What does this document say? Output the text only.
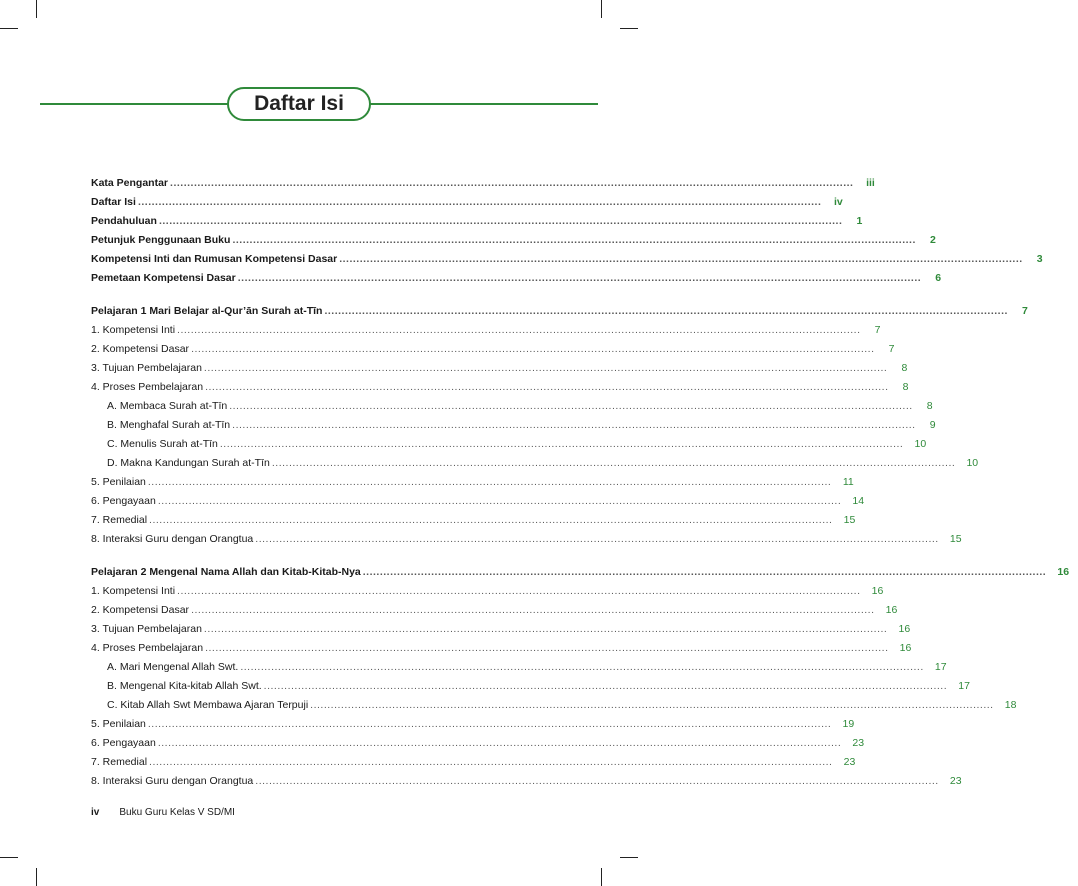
Daftar Isi
Kata Pengantar ........................................................................................................................................................................................................	iii
Daftar Isi ........................................................................................................................................................................................................	iv
Pendahuluan ........................................................................................................................................................................................................	1
Petunjuk Penggunaan Buku ........................................................................................................................................................................................................	2
Kompetensi Inti dan Rumusan Kompetensi Dasar ........................................................................................................................................................................................................	3
Pemetaan Kompetensi Dasar ........................................................................................................................................................................................................	6
Pelajaran 1 Mari Belajar al-Qur’ān Surah at-Tīn ........................................................................................................................................................................................................	7
1. Kompetensi Inti ........................................................................................................................................................................................................	7
2. Kompetensi Dasar ........................................................................................................................................................................................................	7
3. Tujuan Pembelajaran ........................................................................................................................................................................................................	8
4. Proses Pembelajaran ........................................................................................................................................................................................................	8
A. Membaca Surah at-Tīn ........................................................................................................................................................................................................	8
B. Menghafal Surah at-Tīn ........................................................................................................................................................................................................	9
C. Menulis Surah at-Tīn ........................................................................................................................................................................................................	10
D. Makna Kandungan Surah at-Tīn ........................................................................................................................................................................................................	10
5. Penilaian ........................................................................................................................................................................................................	11
6. Pengayaan ........................................................................................................................................................................................................	14
7. Remedial ........................................................................................................................................................................................................	15
8. Interaksi Guru dengan Orangtua ........................................................................................................................................................................................................	15
Pelajaran 2 Mengenal Nama Allah dan Kitab-Kitab-Nya ........................................................................................................................................................................................................	16
1. Kompetensi Inti ........................................................................................................................................................................................................	16
2. Kompetensi Dasar ........................................................................................................................................................................................................	16
3. Tujuan Pembelajaran ........................................................................................................................................................................................................	16
4. Proses Pembelajaran ........................................................................................................................................................................................................	16
A. Mari Mengenal Allah Swt. ........................................................................................................................................................................................................	17
B. Mengenal Kita-kitab Allah Swt. ........................................................................................................................................................................................................	17
C. Kitab Allah Swt Membawa Ajaran Terpuji ........................................................................................................................................................................................................	18
5. Penilaian ........................................................................................................................................................................................................	19
6. Pengayaan ........................................................................................................................................................................................................	23
7. Remedial ........................................................................................................................................................................................................	23
8. Interaksi Guru dengan Orangtua ........................................................................................................................................................................................................	23
iv Buku Guru Kelas V SD/MI
